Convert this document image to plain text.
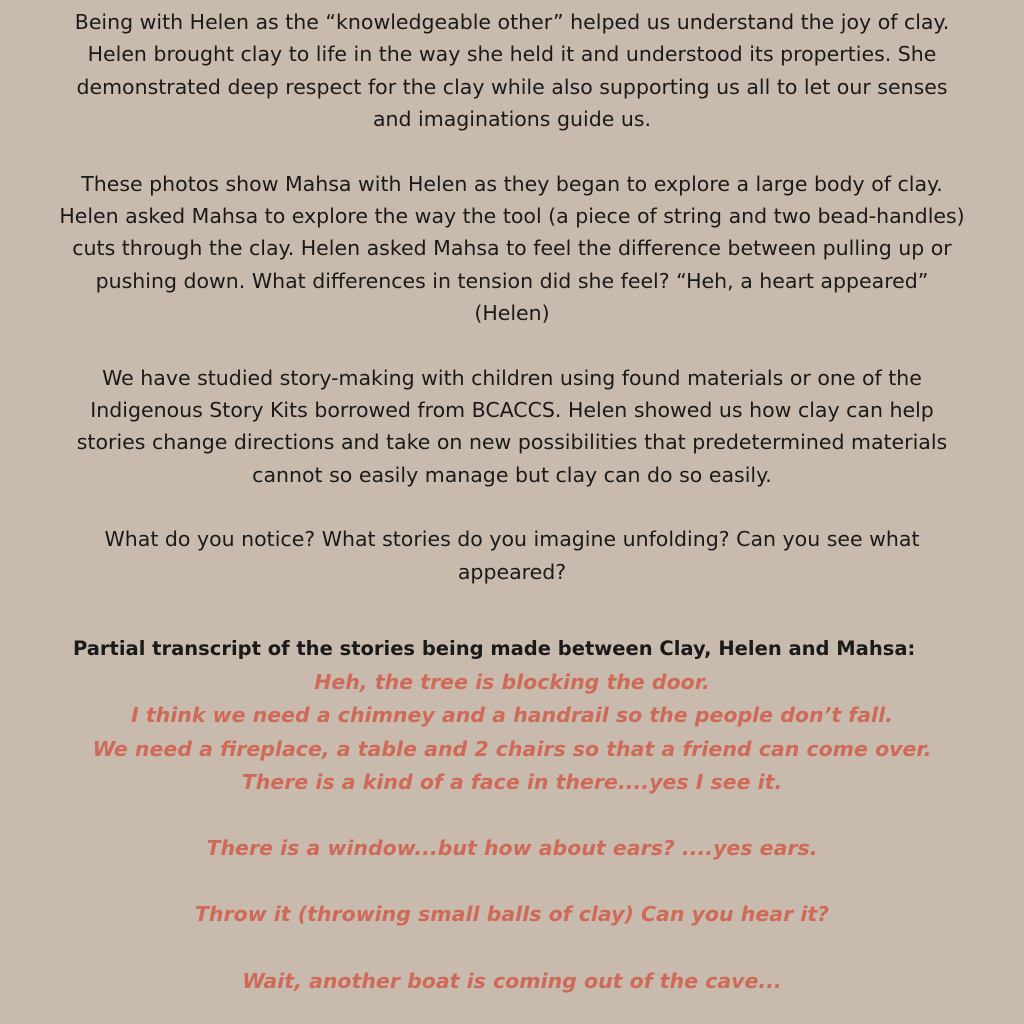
Being with Helen as the “knowledgeable other” helped us understand the joy of clay.
Helen brought clay to life in the way she held it and understood its properties. She
demonstrated deep respect for the clay while also supporting us all to let our senses
and imaginations guide us.
These photos show Mahsa with Helen as they began to explore a large body of clay.
Helen asked Mahsa to explore the way the tool (a piece of string and two bead-handles)
cuts through the clay. Helen asked Mahsa to feel the difference between pulling up or
pushing down. What differences in tension did she feel? “Heh, a heart appeared”
(Helen)
We have studied story-making with children using found materials or one of the
Indigenous Story Kits borrowed from BCACCS. Helen showed us how clay can help
stories change directions and take on new possibilities that predetermined materials
cannot so easily manage but clay can do so easily.
What do you notice? What stories do you imagine unfolding? Can you see what
appeared?
Partial transcript of the stories being made between Clay, Helen and Mahsa:
Heh, the tree is blocking the door.
I think we need a chimney and a handrail so the people don’t fall.
We need a fireplace, a table and 2 chairs so that a friend can come over.
There is a kind of a face in there....yes I see it.
There is a window...but how about ears? ....yes ears.
Throw it (throwing small balls of clay) Can you hear it?
Wait, another boat is coming out of the cave...
